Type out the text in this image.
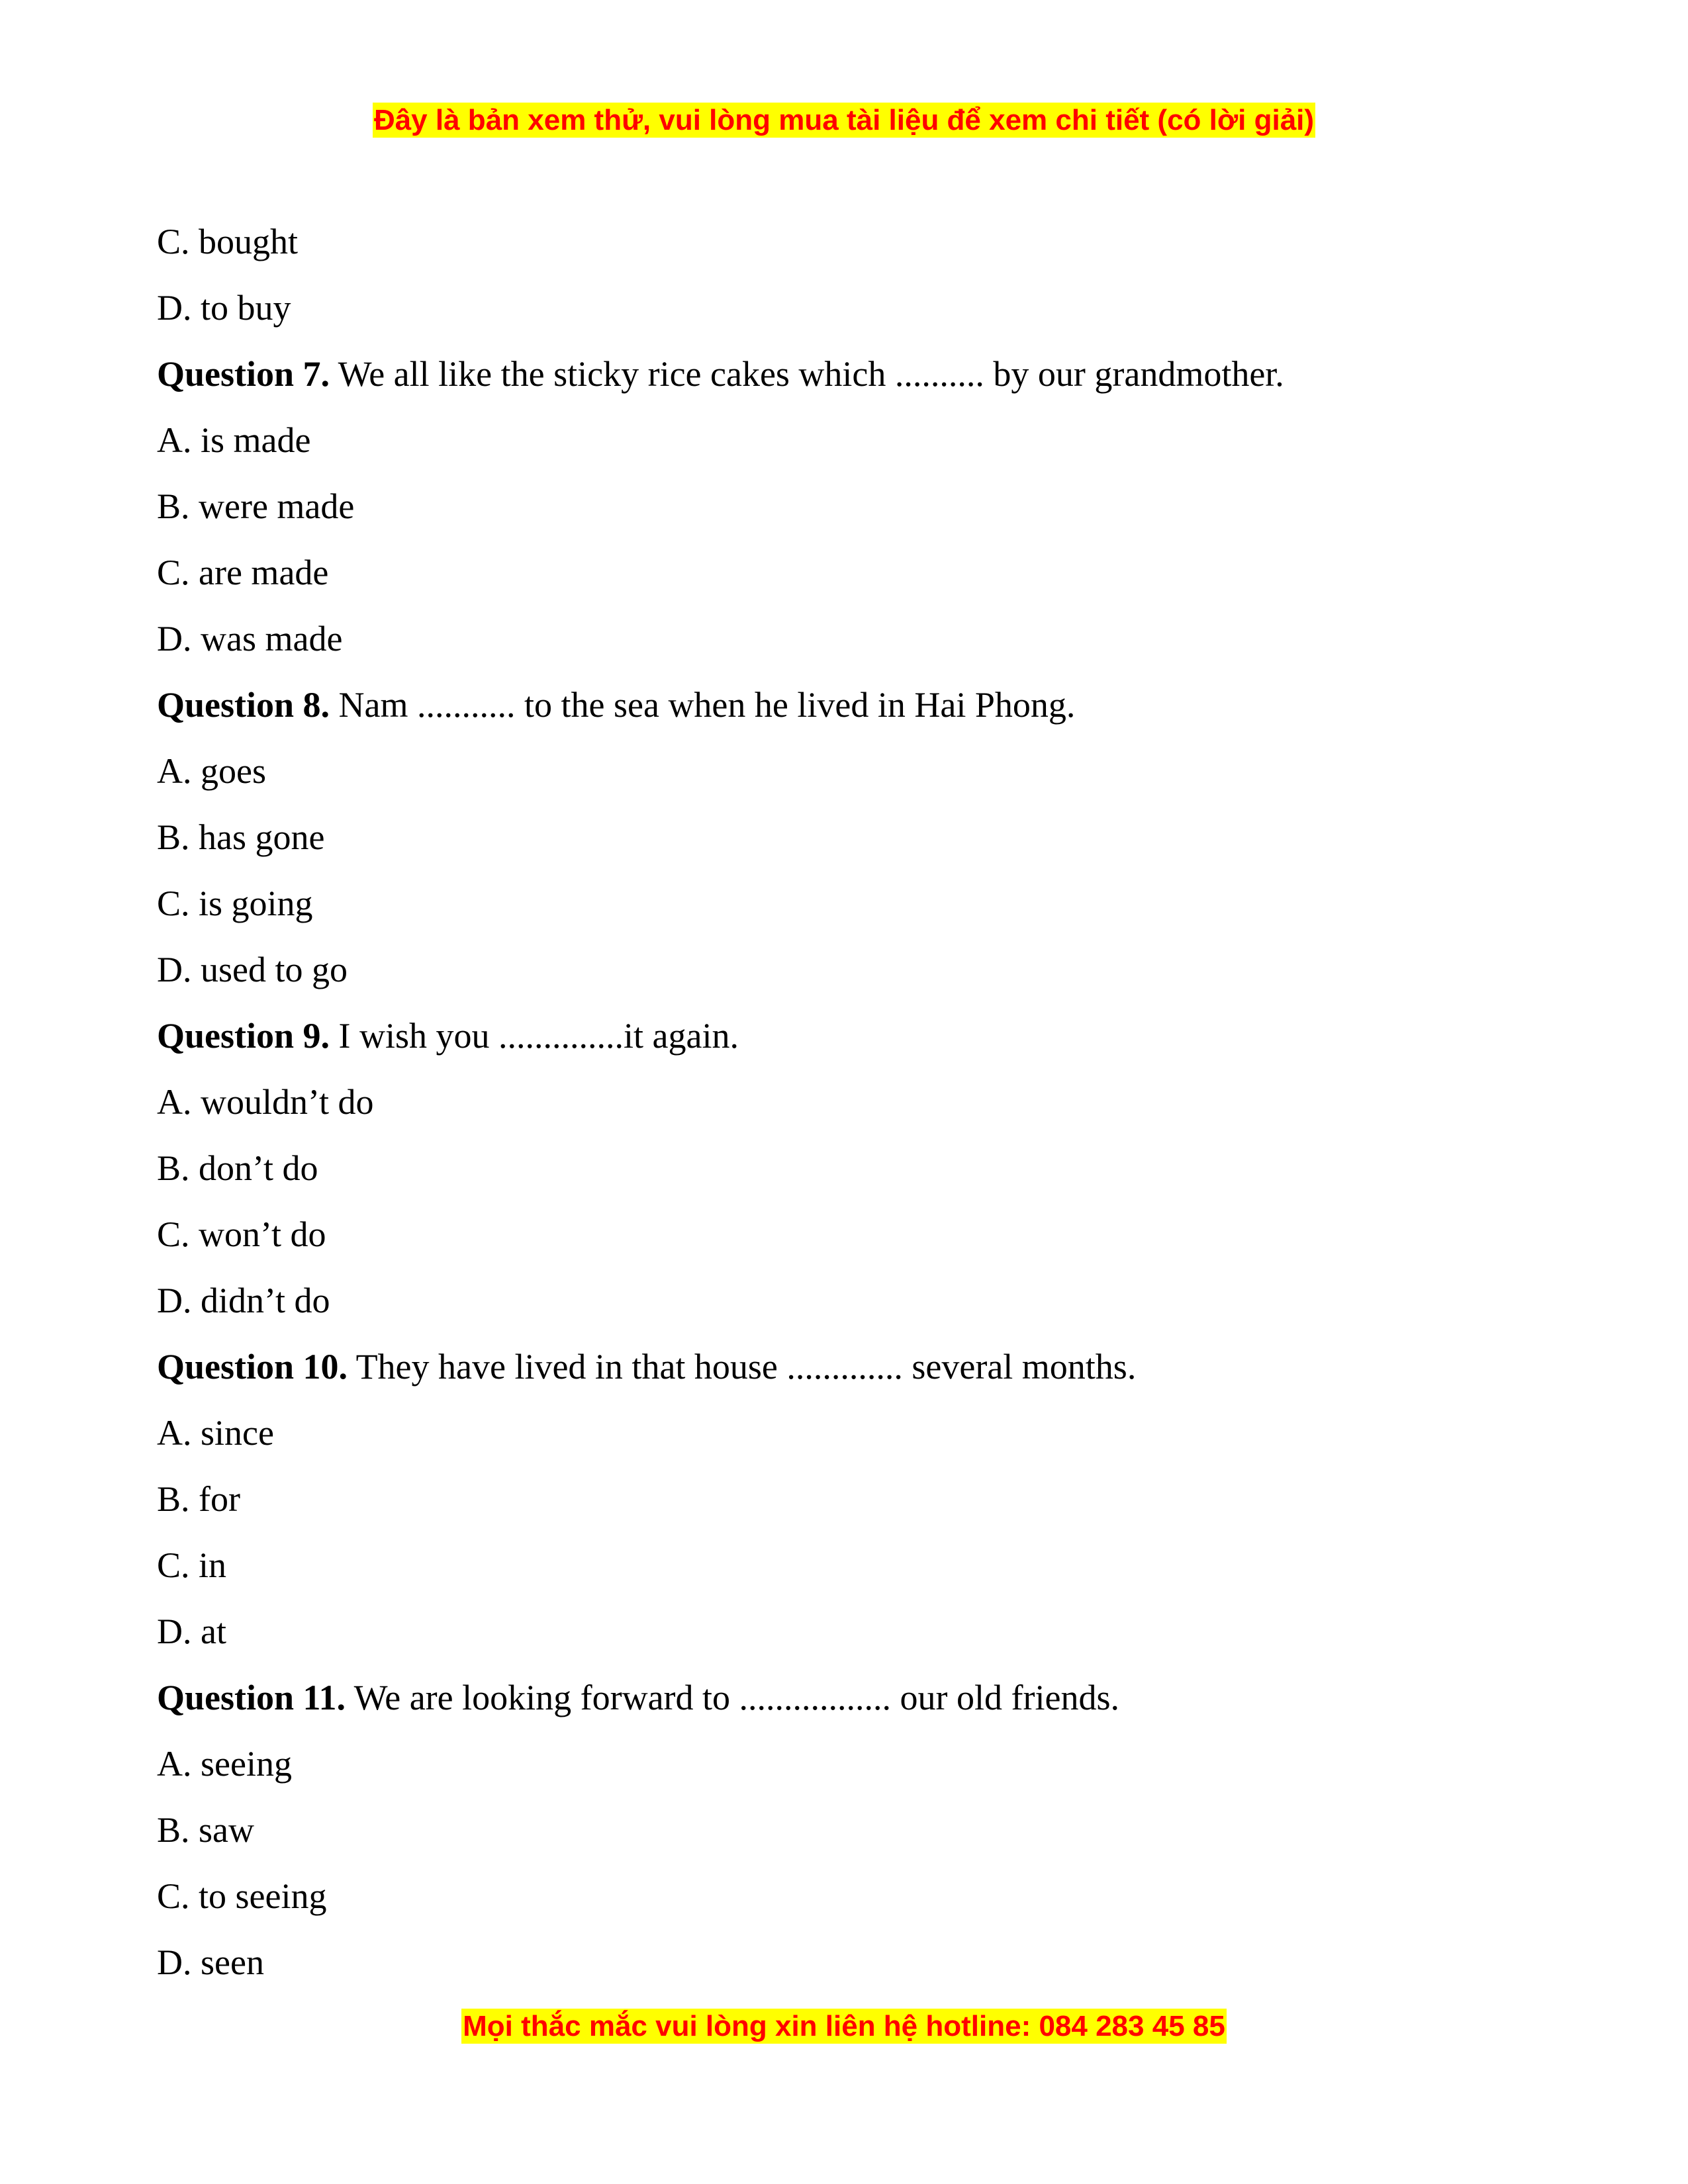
Đây là bản xem thử, vui lòng mua tài liệu để xem chi tiết (có lời giải)
C. bought
D. to buy
Question 7. We all like the sticky rice cakes which .......... by our grandmother.
A. is made
B. were made
C. are made
D. was made
Question 8. Nam ........... to the sea when he lived in Hai Phong.
A. goes
B. has gone
C. is going
D. used to go
Question 9. I wish you ..............it again.
A. wouldn’t do
B. don’t do
C. won’t do
D. didn’t do
Question 10. They have lived in that house ............. several months.
A. since
B. for
C. in
D. at
Question 11. We are looking forward to ................. our old friends.
A. seeing
B. saw
C. to seeing
D. seen
Mọi thắc mắc vui lòng xin liên hệ hotline: 084 283 45 85
